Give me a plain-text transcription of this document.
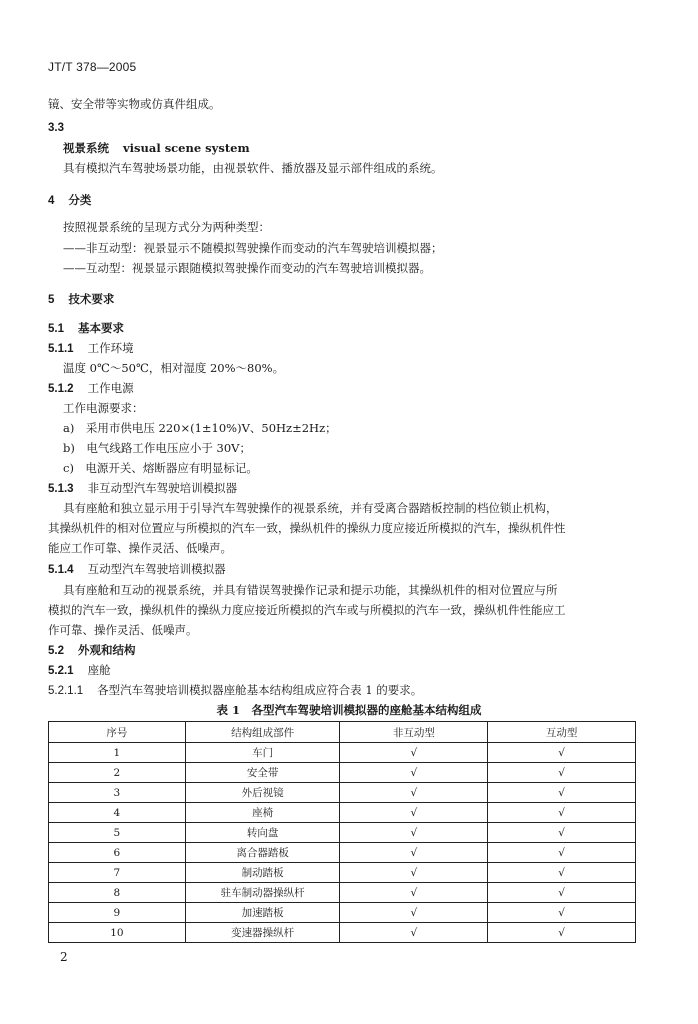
JT/T 378—2005
镜、安全带等实物或仿真件组成。
3.3
视景系统 visual scene system
具有模拟汽车驾驶场景功能，由视景软件、播放器及显示部件组成的系统。
4 分类
按照视景系统的呈现方式分为两种类型：
——非互动型：视景显示不随模拟驾驶操作而变动的汽车驾驶培训模拟器；
——互动型：视景显示跟随模拟驾驶操作而变动的汽车驾驶培训模拟器。
5 技术要求
5.1 基本要求
5.1.1 工作环境
温度 0℃～50℃，相对湿度 20%～80%。
5.1.2 工作电源
工作电源要求：
a)　采用市供电压 220×(1±10%)V、50Hz±2Hz；
b)　电气线路工作电压应小于 30V；
c)　电源开关、熔断器应有明显标记。
5.1.3 非互动型汽车驾驶培训模拟器
具有座舱和独立显示用于引导汽车驾驶操作的视景系统，并有受离合器踏板控制的档位锁止机构，
其操纵机件的相对位置应与所模拟的汽车一致，操纵机件的操纵力度应接近所模拟的汽车，操纵机件性
能应工作可靠、操作灵活、低噪声。
5.1.4 互动型汽车驾驶培训模拟器
具有座舱和互动的视景系统，并具有错误驾驶操作记录和提示功能，其操纵机件的相对位置应与所
模拟的汽车一致，操纵机件的操纵力度应接近所模拟的汽车或与所模拟的汽车一致，操纵机件性能应工
作可靠、操作灵活、低噪声。
5.2 外观和结构
5.2.1 座舱
5.2.1.1 各型汽车驾驶培训模拟器座舱基本结构组成应符合表 1 的要求。
表 1　各型汽车驾驶培训模拟器的座舱基本结构组成
序号	结构组成部件	非互动型	互动型
1	车门	√	√
2	安全带	√	√
3	外后视镜	√	√
4	座椅	√	√
5	转向盘	√	√
6	离合器踏板	√	√
7	制动踏板	√	√
8	驻车制动器操纵杆	√	√
9	加速踏板	√	√
10	变速器操纵杆	√	√
2
